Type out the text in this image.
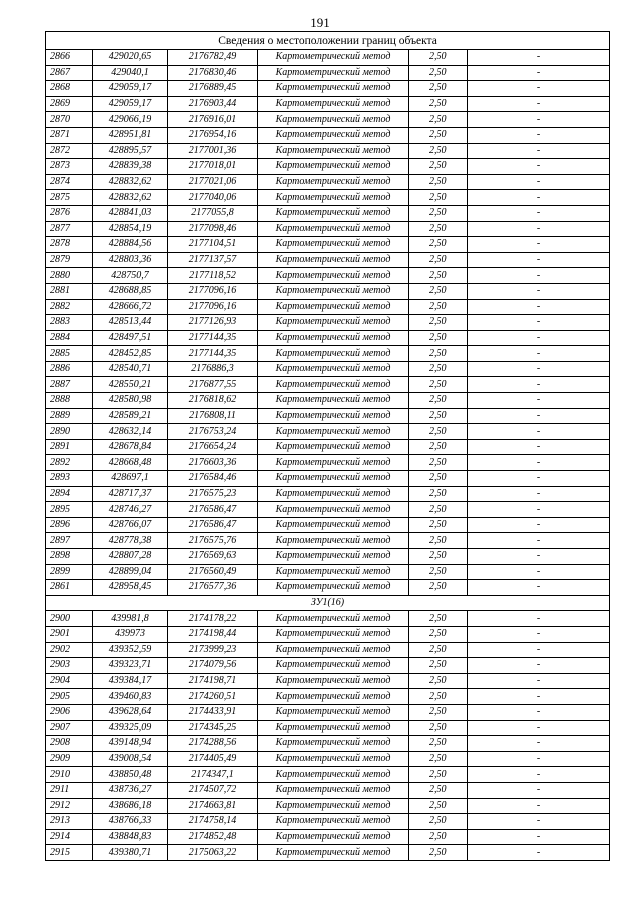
191
Сведения о местоположении границ объекта					
2866	429020,65	2176782,49	Картометрический метод	2,50	-
2867	429040,1	2176830,46	Картометрический метод	2,50	-
2868	429059,17	2176889,45	Картометрический метод	2,50	-
2869	429059,17	2176903,44	Картометрический метод	2,50	-
2870	429066,19	2176916,01	Картометрический метод	2,50	-
2871	428951,81	2176954,16	Картометрический метод	2,50	-
2872	428895,57	2177001,36	Картометрический метод	2,50	-
2873	428839,38	2177018,01	Картометрический метод	2,50	-
2874	428832,62	2177021,06	Картометрический метод	2,50	-
2875	428832,62	2177040,06	Картометрический метод	2,50	-
2876	428841,03	2177055,8	Картометрический метод	2,50	-
2877	428854,19	2177098,46	Картометрический метод	2,50	-
2878	428884,56	2177104,51	Картометрический метод	2,50	-
2879	428803,36	2177137,57	Картометрический метод	2,50	-
2880	428750,7	2177118,52	Картометрический метод	2,50	-
2881	428688,85	2177096,16	Картометрический метод	2,50	-
2882	428666,72	2177096,16	Картометрический метод	2,50	-
2883	428513,44	2177126,93	Картометрический метод	2,50	-
2884	428497,51	2177144,35	Картометрический метод	2,50	-
2885	428452,85	2177144,35	Картометрический метод	2,50	-
2886	428540,71	2176886,3	Картометрический метод	2,50	-
2887	428550,21	2176877,55	Картометрический метод	2,50	-
2888	428580,98	2176818,62	Картометрический метод	2,50	-
2889	428589,21	2176808,11	Картометрический метод	2,50	-
2890	428632,14	2176753,24	Картометрический метод	2,50	-
2891	428678,84	2176654,24	Картометрический метод	2,50	-
2892	428668,48	2176603,36	Картометрический метод	2,50	-
2893	428697,1	2176584,46	Картометрический метод	2,50	-
2894	428717,37	2176575,23	Картометрический метод	2,50	-
2895	428746,27	2176586,47	Картометрический метод	2,50	-
2896	428766,07	2176586,47	Картометрический метод	2,50	-
2897	428778,38	2176575,76	Картометрический метод	2,50	-
2898	428807,28	2176569,63	Картометрический метод	2,50	-
2899	428899,04	2176560,49	Картометрический метод	2,50	-
2861	428958,45	2176577,36	Картометрический метод	2,50	-
ЗУ1(16)					
2900	439981,8	2174178,22	Картометрический метод	2,50	-
2901	439973	2174198,44	Картометрический метод	2,50	-
2902	439352,59	2173999,23	Картометрический метод	2,50	-
2903	439323,71	2174079,56	Картометрический метод	2,50	-
2904	439384,17	2174198,71	Картометрический метод	2,50	-
2905	439460,83	2174260,51	Картометрический метод	2,50	-
2906	439628,64	2174433,91	Картометрический метод	2,50	-
2907	439325,09	2174345,25	Картометрический метод	2,50	-
2908	439148,94	2174288,56	Картометрический метод	2,50	-
2909	439008,54	2174405,49	Картометрический метод	2,50	-
2910	438850,48	2174347,1	Картометрический метод	2,50	-
2911	438736,27	2174507,72	Картометрический метод	2,50	-
2912	438686,18	2174663,81	Картометрический метод	2,50	-
2913	438766,33	2174758,14	Картометрический метод	2,50	-
2914	438848,83	2174852,48	Картометрический метод	2,50	-
2915	439380,71	2175063,22	Картометрический метод	2,50	-
